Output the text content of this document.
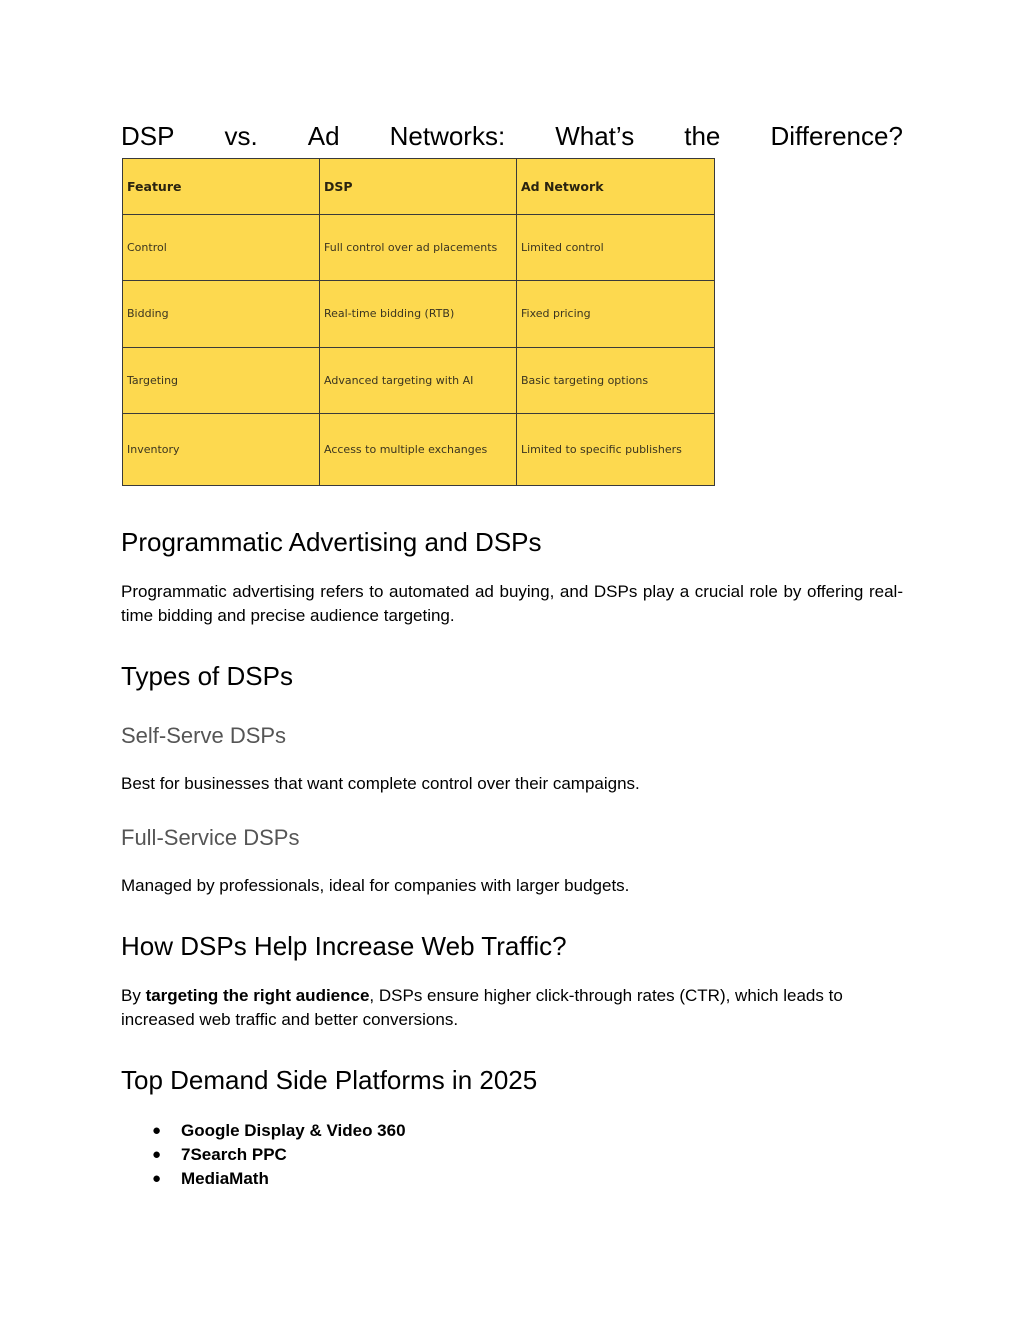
DSP vs. Ad Networks: What’s the Difference?
Feature	DSP	Ad Network
Control	Full control over ad placements	Limited control
Bidding	Real-time bidding (RTB)	Fixed pricing
Targeting	Advanced targeting with AI	Basic targeting options
Inventory	Access to multiple exchanges	Limited to specific publishers
Programmatic Advertising and DSPs

Programmatic advertising refers to automated ad buying, and DSPs play a crucial role by offering real-time bidding and precise audience targeting.

Types of DSPs
Self-Serve DSPs

Best for businesses that want complete control over their campaigns.

Full-Service DSPs

Managed by professionals, ideal for companies with larger budgets.

How DSPs Help Increase Web Traffic?

By targeting the right audience, DSPs ensure higher click-through rates (CTR), which leads to increased web traffic and better conversions.

Top Demand Side Platforms in 2025
● Google Display & Video 360
● 7Search PPC
● MediaMath
